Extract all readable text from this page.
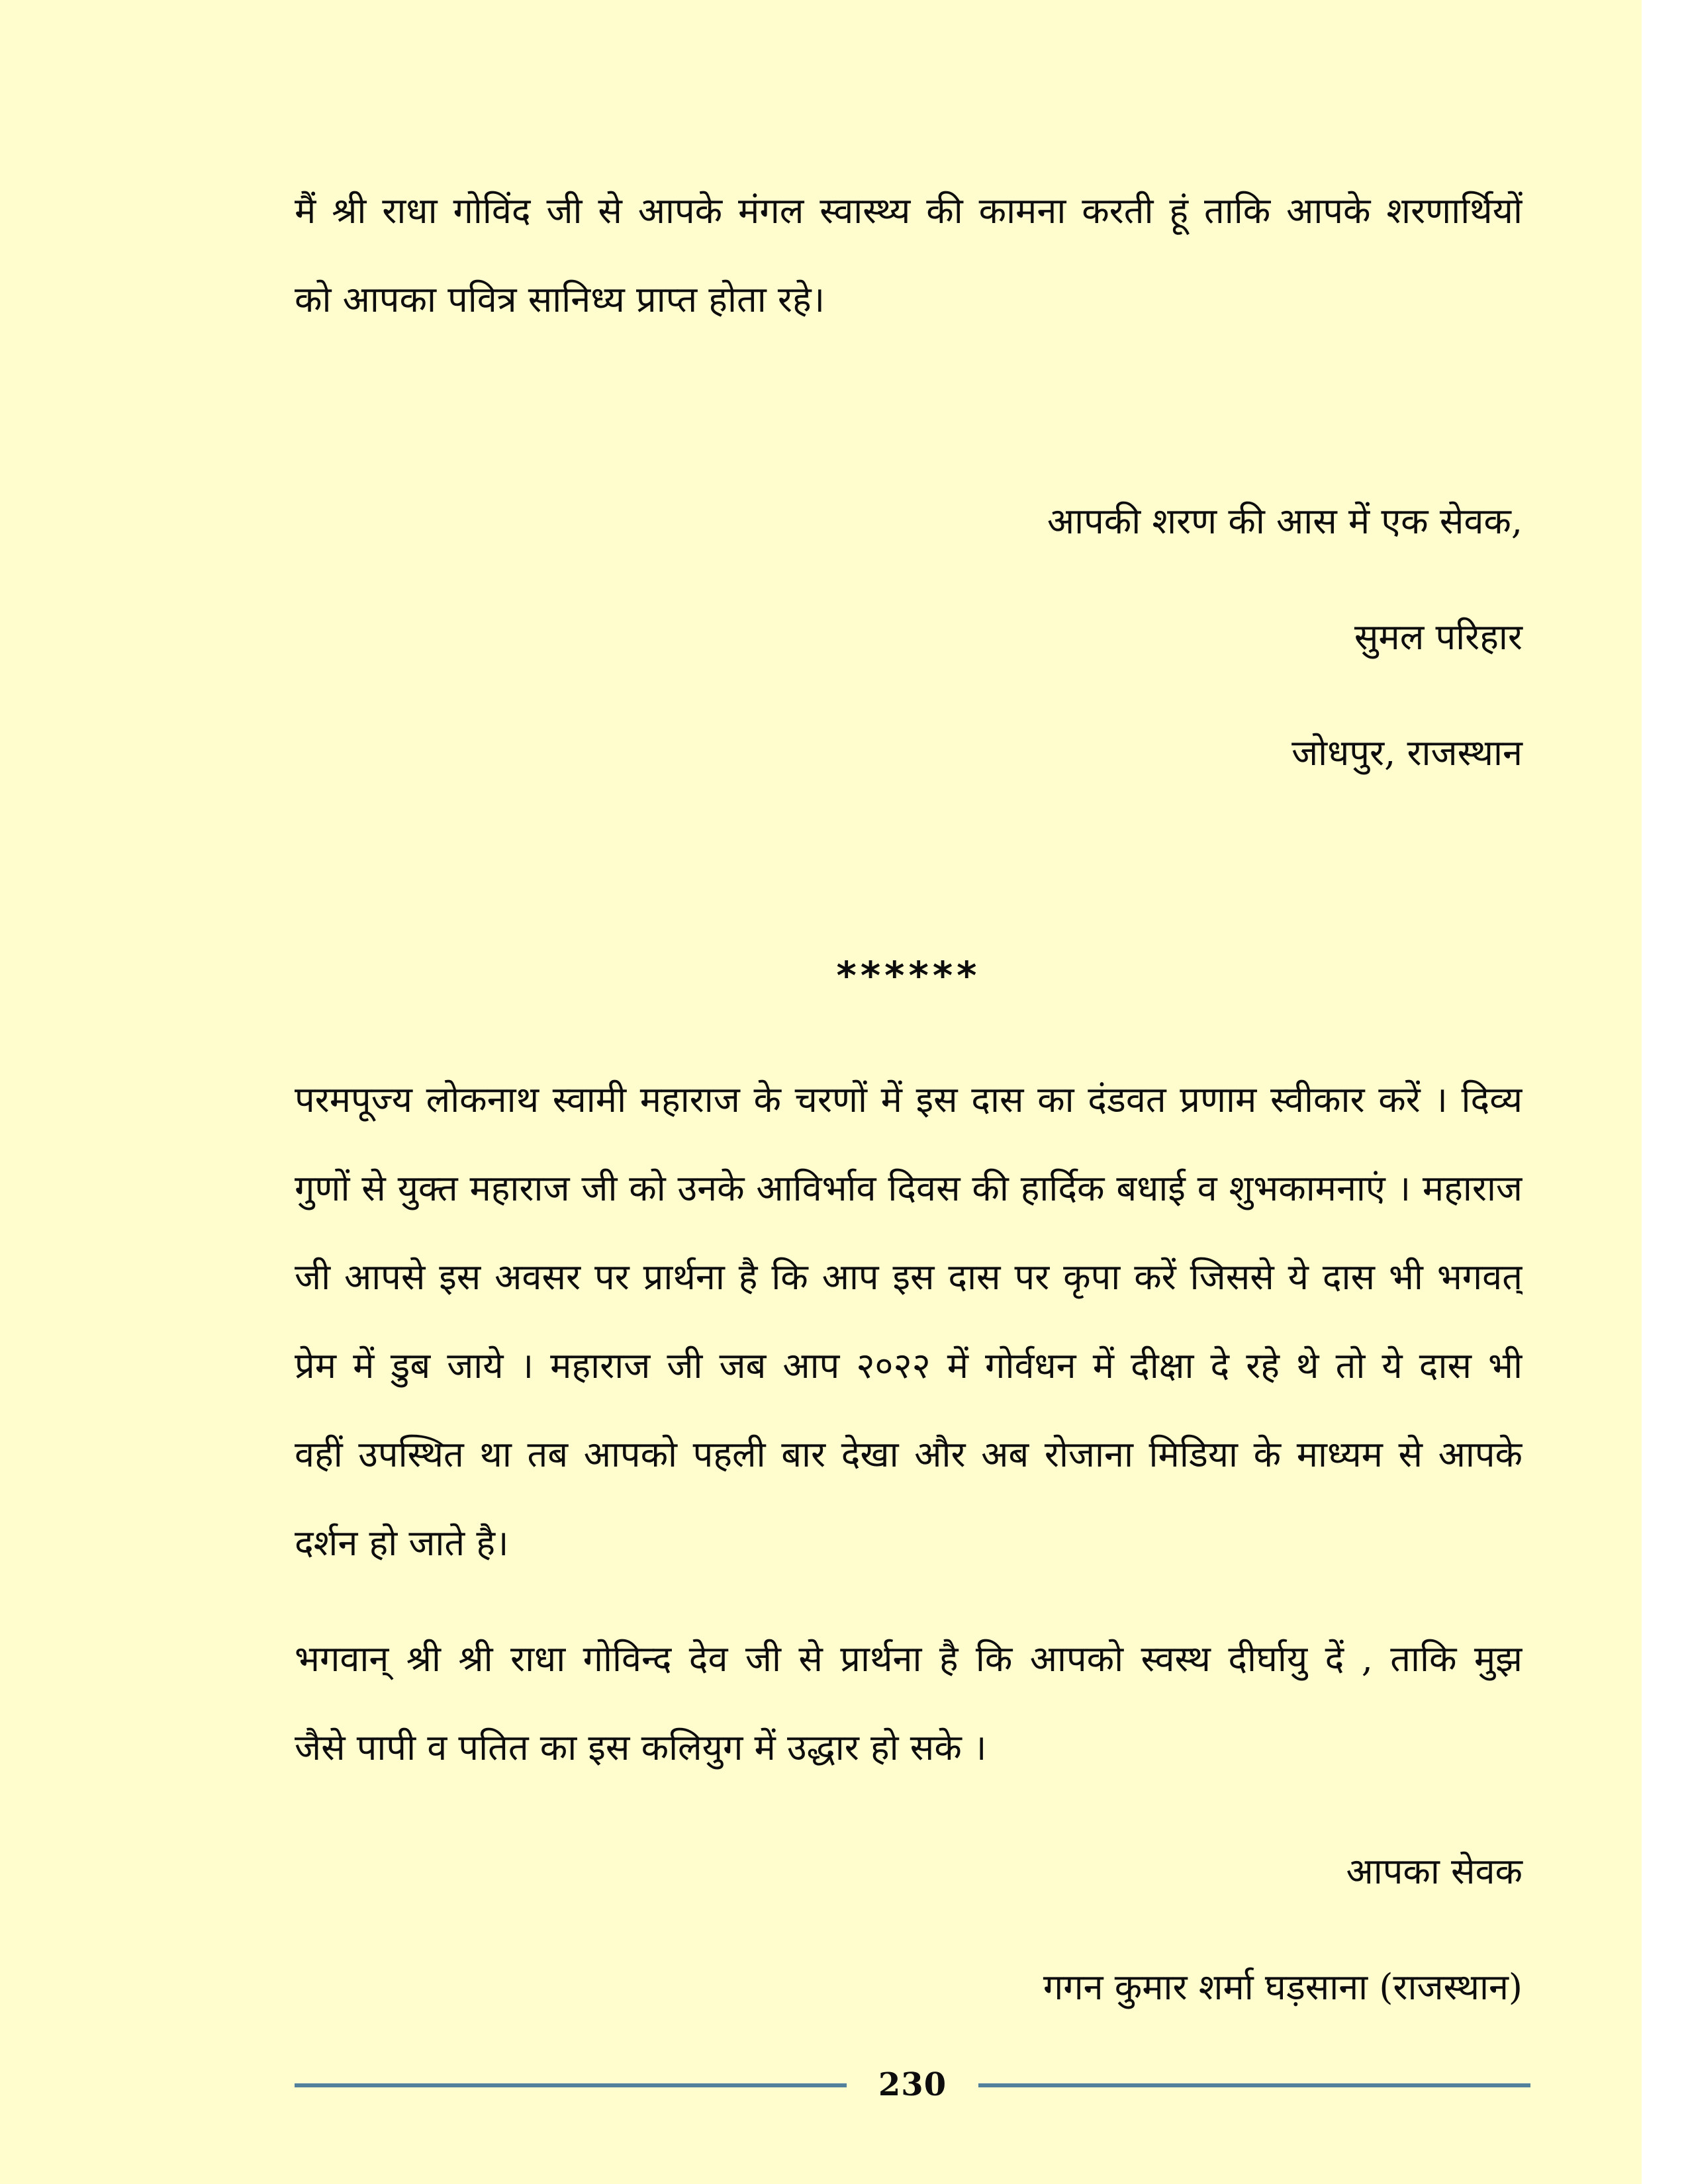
मैं श्री राधा गोविंद जी से आपके मंगल स्वास्थ्य की कामना करती हूं ताकि आपके शरणार्थियों
को आपका पवित्र सानिध्य प्राप्त होता रहे।
आपकी शरण की आस में एक सेवक,
सुमल परिहार
जोधपुर, राजस्थान
******
परमपूज्य लोकनाथ स्वामी महाराज के चरणों में इस दास का दंडवत प्रणाम स्वीकार करें । दिव्य
गुणों से युक्त महाराज जी को उनके आविर्भाव दिवस की हार्दिक बधाई व शुभकामनाएं । महाराज
जी आपसे इस अवसर पर प्रार्थना है कि आप इस दास पर कृपा करें जिससे ये दास भी भगवत्
प्रेम में डुब जाये । महाराज जी जब आप २०२२ में गोर्वधन में दीक्षा दे रहे थे तो ये दास भी
वहीं उपस्थित था तब आपको पहली बार देखा और अब रोजाना मिडिया के माध्यम से आपके
दर्शन हो जाते है।
भगवान् श्री श्री राधा गोविन्द देव जी से प्रार्थना है कि आपको स्वस्थ दीर्घायु दें , ताकि मुझ
जैसे पापी व पतित का इस कलियुग में उद्धार हो सके ।
आपका सेवक
गगन कुमार शर्मा घड़साना (राजस्थान)
230
